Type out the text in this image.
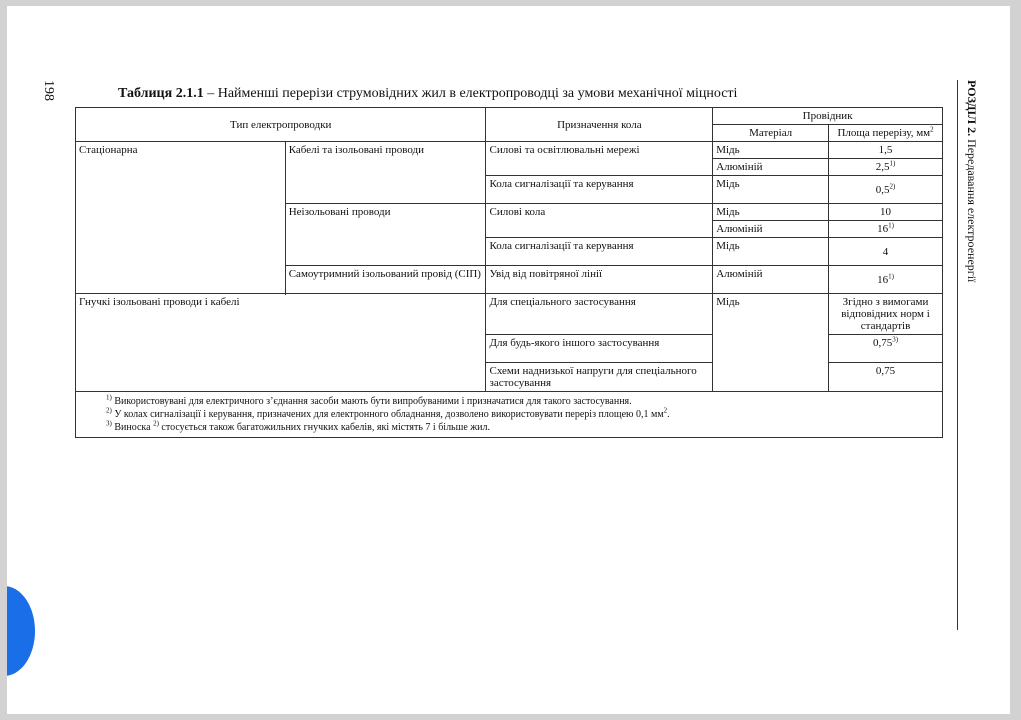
198	РОЗДІЛ 2. Передавання електроенергії
Таблиця 2.1.1 – Найменші перерізи струмовідних жил в електропроводці за умови механічної міцності
Тип електропроводки		Призначення кола	Провідник	
			Матеріал	Площа перерізу, $мм^2$
Стаціонарна	Кабелі та ізольовані проводи	Силові та освітлювальні мережі	Мідь	1,5
			Алюміній	2,5$^{1)}$
		Кола сигналізації та керування	Мідь	0,5$^{2)}$
	Неізольовані проводи	Силові кола	Мідь	10
			Алюміній	16$^{1)}$
		Кола сигналізації та керування	Мідь	4
	Самоутримний ізольований провід (СІП)	Увід від повітряної лінії	Алюміній	16$^{1)}$

Гнучкі ізольовані проводи і кабелі		Для спеціального застосування	Мідь	Згідно з вимогами відповідних норм і стандартів
		Для будь-якого іншого застосування		0,75$^{3)}$
		Схеми наднизької напруги для спеціального застосування		0,75

$^{1)}$ Використовувані для електричного з’єднання засоби мають бути випробуваними і призначатися для такого застосування.
$^{2)}$ У колах сигналізації і керування, призначених для електронного обладнання, дозволено використовувати переріз площею 0,1 $мм^2$.
$^{3)}$ Виноска $^{2)}$ стосується також багатожильних гнучких кабелів, які містять 7 і більше жил.				
